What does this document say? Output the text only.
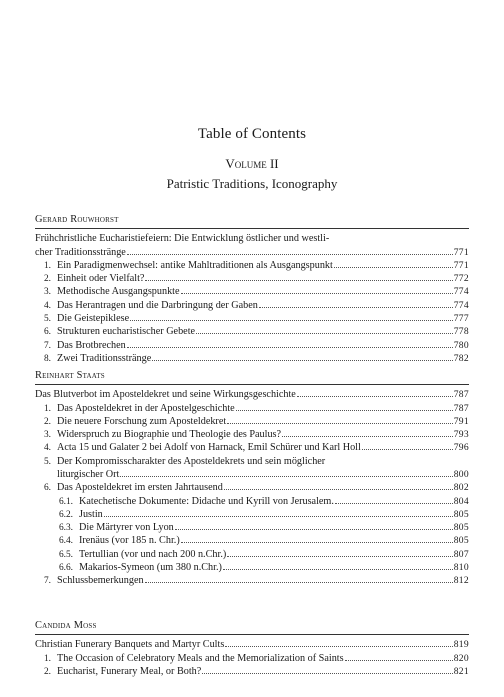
Table of Contents
Volume II
Patristic Traditions, Iconography
Gerard Rouwhorst
Frühchristliche Eucharistiefeiern: Die Entwicklung östlicher und westli-
cher Traditionsstränge	771
1. Ein Paradigmenwechsel: antike Mahltraditionen als Ausgangspunkt	771
2. Einheit oder Vielfalt?	772
3. Methodische Ausgangspunkte	774
4. Das Herantragen und die Darbringung der Gaben	774
5. Die Geistepiklese	777
6. Strukturen eucharistischer Gebete	778
7. Das Brotbrechen	780
8. Zwei Traditionsstränge	782
Reinhart Staats
Das Blutverbot im Aposteldekret und seine Wirkungsgeschichte	787
1. Das Aposteldekret in der Apostelgeschichte	787
2. Die neuere Forschung zum Aposteldekret	791
3. Widerspruch zu Biographie und Theologie des Paulus?	793
4. Acta 15 und Galater 2 bei Adolf von Harnack, Emil Schürer und Karl Holl	796
5. Der Kompromisscharakter des Aposteldekrets und sein möglicher
liturgischer Ort	800
6. Das Aposteldekret im ersten Jahrtausend	802
6.1. Katechetische Dokumente: Didache und Kyrill von Jerusalem.	804
6.2. Justin	805
6.3. Die Märtyrer von Lyon	805
6.4. Irenäus (vor 185 n. Chr.)	805
6.5. Tertullian (vor und nach 200 n.Chr.)	807
6.6. Makarios-Symeon (um 380 n.Chr.)	810
7. Schlussbemerkungen	812
Candida Moss
Christian Funerary Banquets and Martyr Cults	819
1. The Occasion of Celebratory Meals and the Memorialization of Saints	820
2. Eucharist, Funerary Meal, or Both?	821
